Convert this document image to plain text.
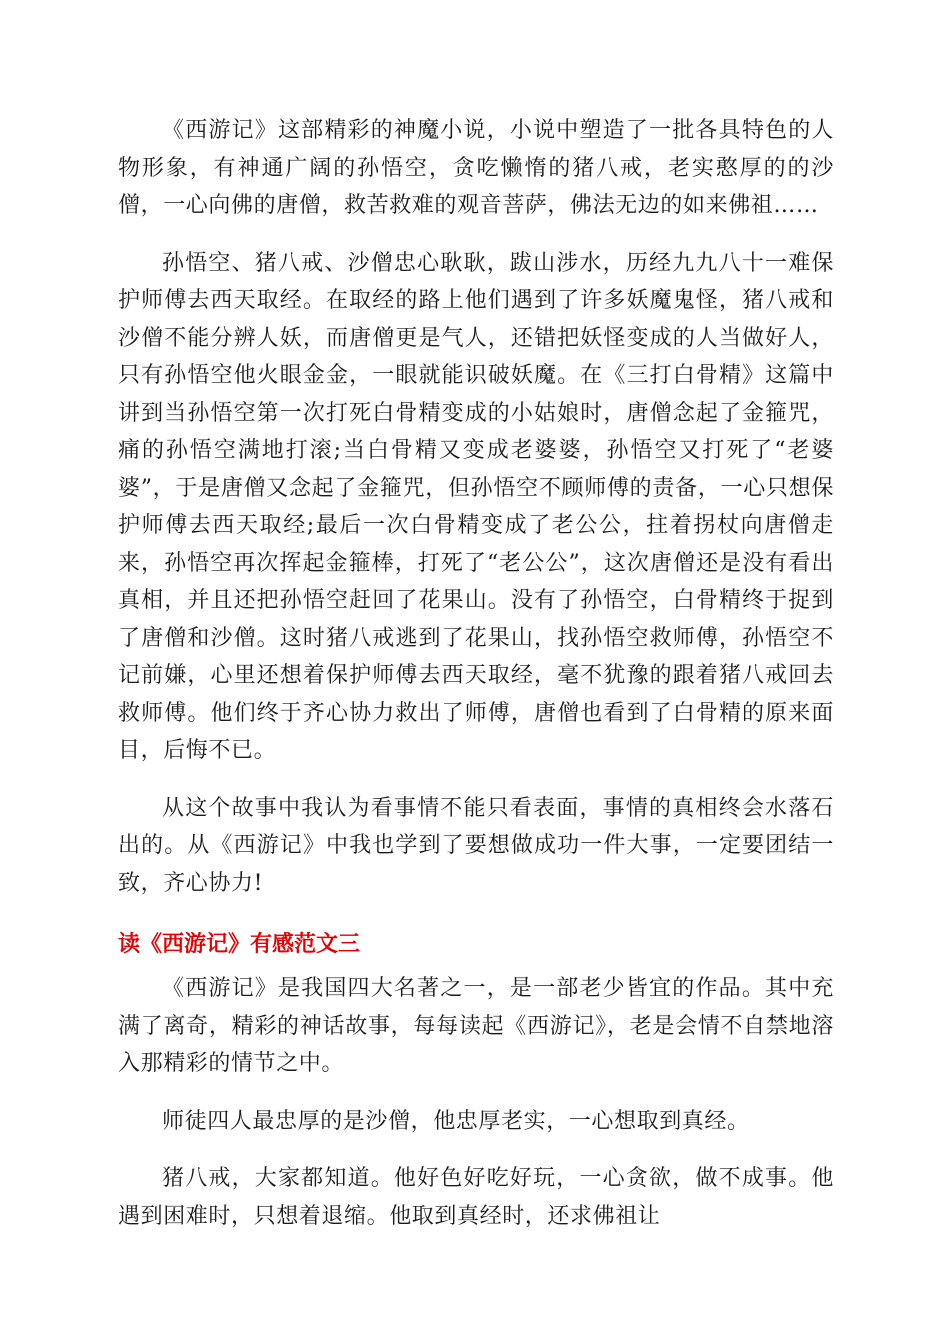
《西游记》这部精彩的神魔小说，小说中塑造了一批各具特色的人物形象，有神通广阔的孙悟空，贪吃懒惰的猪八戒，老实憨厚的的沙僧，一心向佛的唐僧，救苦救难的观音菩萨，佛法无边的如来佛祖……

孙悟空、猪八戒、沙僧忠心耿耿，跋山涉水，历经九九八十一难保护师傅去西天取经。在取经的路上他们遇到了许多妖魔鬼怪，猪八戒和沙僧不能分辨人妖，而唐僧更是气人，还错把妖怪变成的人当做好人，只有孙悟空他火眼金金，一眼就能识破妖魔。在《三打白骨精》这篇中讲到当孙悟空第一次打死白骨精变成的小姑娘时，唐僧念起了金箍咒，痛的孙悟空满地打滚;当白骨精又变成老婆婆，孙悟空又打死了“老婆婆”，于是唐僧又念起了金箍咒，但孙悟空不顾师傅的责备，一心只想保护师傅去西天取经;最后一次白骨精变成了老公公，拄着拐杖向唐僧走来，孙悟空再次挥起金箍棒，打死了“老公公”，这次唐僧还是没有看出真相，并且还把孙悟空赶回了花果山。没有了孙悟空，白骨精终于捉到了唐僧和沙僧。这时猪八戒逃到了花果山，找孙悟空救师傅，孙悟空不记前嫌，心里还想着保护师傅去西天取经，毫不犹豫的跟着猪八戒回去救师傅。他们终于齐心协力救出了师傅，唐僧也看到了白骨精的原来面目，后悔不已。

从这个故事中我认为看事情不能只看表面，事情的真相终会水落石出的。从《西游记》中我也学到了要想做成功一件大事，一定要团结一致，齐心协力!

读《西游记》有感范文三

《西游记》是我国四大名著之一，是一部老少皆宜的作品。其中充满了离奇，精彩的神话故事，每每读起《西游记》，老是会情不自禁地溶入那精彩的情节之中。

师徒四人最忠厚的是沙僧，他忠厚老实，一心想取到真经。

猪八戒，大家都知道。他好色好吃好玩，一心贪欲，做不成事。他遇到困难时，只想着退缩。他取到真经时，还求佛祖让
